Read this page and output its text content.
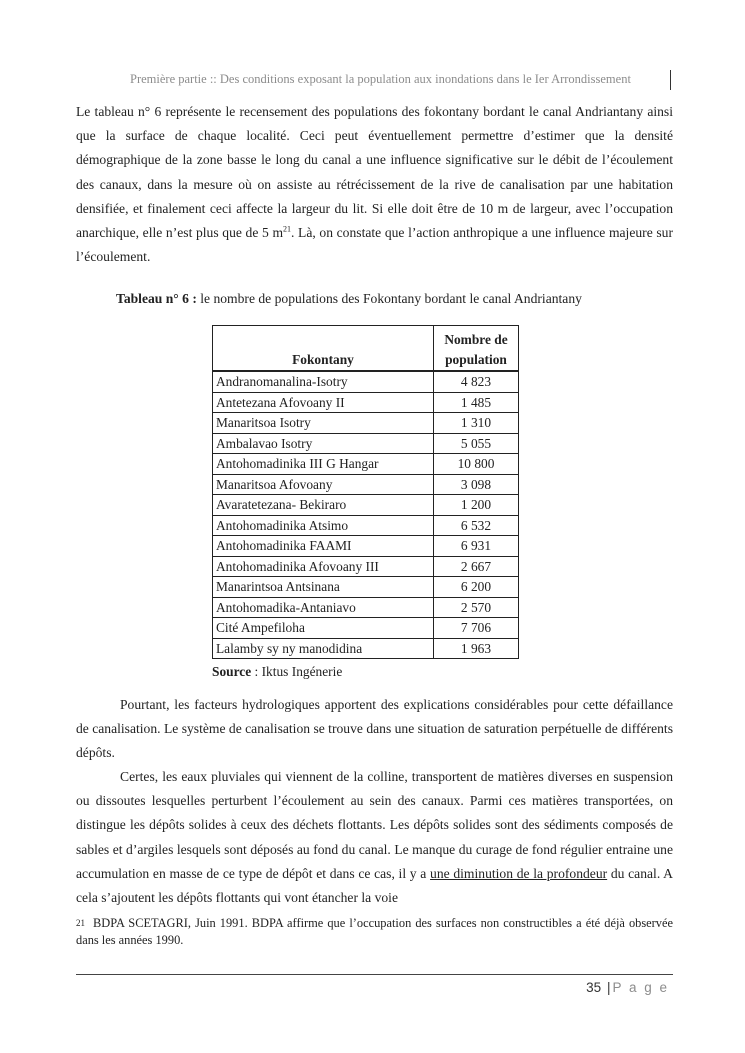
Première partie :: Des conditions exposant la population aux inondations dans le Ier Arrondissement

Le tableau n° 6 représente le recensement des populations des fokontany bordant le canal Andriantany ainsi que la surface de chaque localité. Ceci peut éventuellement permettre d’estimer que la densité démographique de la zone basse le long du canal a une influence significative sur le débit de l’écoulement des canaux, dans la mesure où on assiste au rétrécissement de la rive de canalisation par une habitation densifiée, et finalement ceci affecte la largeur du lit. Si elle doit être de 10 m de largeur, avec l’occupation anarchique, elle n’est plus que de 5 $m^{21}$. Là, on constate que l’action anthropique a une influence majeure sur l’écoulement.

Tableau n° 6 : le nombre de populations des Fokontany bordant le canal Andriantany
Fokontany	Nombre de
population
Andranomanalina-Isotry	4 823
Antetezana Afovoany II	1 485
Manaritsoa Isotry	1 310
Ambalavao Isotry	5 055
Antohomadinika III G Hangar	10 800
Manaritsoa Afovoany	3 098
Avaratetezana- Bekiraro	1 200
Antohomadinika Atsimo	6 532
Antohomadinika FAAMI	6 931
Antohomadinika Afovoany III	2 667
Manarintsoa Antsinana	6 200
Antohomadika-Antaniavo	2 570
Cité Ampefiloha	7 706
Lalamby sy ny manodidina	1 963
Source : Iktus Ingénerie

Pourtant, les facteurs hydrologiques apportent des explications considérables pour cette défaillance de canalisation. Le système de canalisation se trouve dans une situation de saturation perpétuelle de différents dépôts.

Certes, les eaux pluviales qui viennent de la colline, transportent de matières diverses en suspension ou dissoutes lesquelles perturbent l’écoulement au sein des canaux. Parmi ces matières transportées, on distingue les dépôts solides à ceux des déchets flottants. Les dépôts solides sont des sédiments composés de sables et d’argiles lesquels sont déposés au fond du canal. Le manque du curage de fond régulier entraine une accumulation en masse de ce type de dépôt et dans ce cas, il y a une diminution de la profondeur du canal. A cela s’ajoutent les dépôts flottants qui vont étancher la voie

$^{21}$ BDPA SCETAGRI, Juin 1991. BDPA affirme que l’occupation des surfaces non constructibles a été déjà observée dans les années 1990.

35 | P a g e
